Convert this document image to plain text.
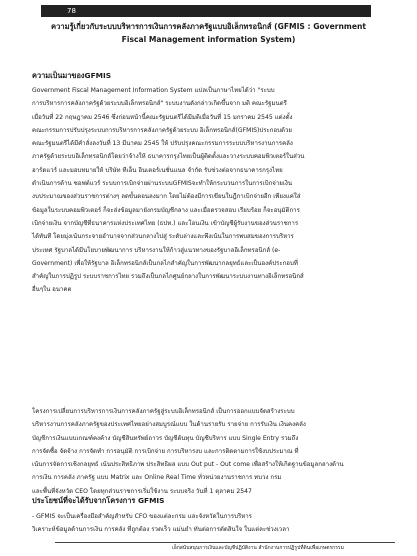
78
ความรู้เกี่ยวกับระบบบริหารการเงินการคลังภาครัฐแบบอิเล็กทรอนิกส์ (GFMIS : Government
Fiscal Management information System)
ความเป็นมาของGFMIS

Government Fiscal Management Information System แปลเป็นภาษาไทยได้ว่า "ระบบ
การบริหารการคลังภาครัฐด้วยระบบอิเล็กทรอนิกส์" ระบบงานดังกล่าวเกิดขึ้นจาก มติ คณะรัฐมนตรี
เมื่อวันที่ 22 กฤษฎาคม 2546 ซึ่งก่อนหน้านี้คณะรัฐมนตรีได้มีมติเมื่อวันที่ 15 มกราคม 2545 แต่งตั้ง
คณะกรรมการปรับปรุงระบบการบริหารการคลังภาครัฐด้วยระบบ อิเล็กทรอนิกส์(GFMIS)ประกอบด้วย
คณะรัฐมนตรีได้มีคำสั่งลงวันที่ 13 มีนาคม 2545 ให้ ปรับปรุงคณะกรรมการระบบบริหารงานการคลัง
ภาครัฐด้วยระบบอิเล็กทรอนิกส์โดยว่าจ้างให้ ธนาคารกรุงไทยเป็นผู้ติดตั้งและวางระบบคอมพิวเตอร์ในส่วน
ฮาร์ดแวร์ และมอบหมายให้ บริษัท ทีเอ็น อินเตอร์เนชั่นแนล จำกัด รับช่วงต่อจากธนาคารกรุงไทย
ดำเนินการด้าน ซอฟต์แวร์ ระบบการเบิกจ่ายผ่านระบบGFMISจะทำให้กระบวนการในการเบิกจ่ายเงิน
งบประมาณของส่วนราชการต่างๆ ลดขั้นตอนลงมาก โดยไม่ต้องมีการเขียนใบฎีกาเบิกจ่ายอีก เพียงแค่ใส่
ข้อมูลในระบบคอมพิวเตอร์ ก็จะส่งข้อมูลมายังกรมบัญชีกลาง และเมื่อตรวจสอบ เรียบร้อย ก็จะอนุมัติการ
เบิกจ่ายเงิน จากบัญชีที่ธนาคารแห่งประเทศไทย (ธปท.) และโอนเงิน เข้าบัญชีผู้รับงานของส่วนราชการ
ได้ทันที โดยมุ่งเน้นกระจายอำนาจจากส่วนกลางไปสู่ ระดับล่างและพึงเน้นในการพบสมของการบริหาร
ประเทศ รัฐบาลได้มีนโยบายพัฒนาการ บริหารงานให้ก้าวสู่แนวทางของรัฐบาลอิเล็กทรอนิกส์ (e-
Government) เพื่อให้รัฐบาล อิเล็กทรอนิกส์เป็นกลไกสำคัญในการพัฒนากลยุทธ์และเป็นองค์ประกอบที่
สำคัญในการปฏิรูป ระบบราชการไทย รวมถึงเป็นกลไกศูนย์กลางในการพัฒนาระบบงานทางอิเล็กทรอนิกส์
อื่นๆใน อนาคต

โครงการเปลี่ยนการบริหารการเงินการคลังภาครัฐสู่ระบบอิเล็กทรอนิกส์ เป็นการออกแบบจัดสร้างระบบ
บริหารงานการคลังภาครัฐของประเทศไทยอย่างสมบูรณ์แบบ ในด้านรายรับ รายจ่าย การรับเงิน เงินคงคลัง
บัญชีการเงินแบบเกณฑ์คงค้าง บัญชีสินทรัพย์ถาวร บัญชีต้นทุน บัญชีบริหาร แบบ Single Entry รวมถึง
การจัดซื้อ จัดจ้าง การจัดทำ การอนุมัติ การเบิกจ่าย การบริหารงบ และการติดตามการใช้งบประมาณ ที่
เน้นการจัดการเชิงกลยุทธ์ เน้นประสิทธิภาพ ประสิทธิผล แบบ Out put - Out come เพื่อสร้างให้เกิดฐานข้อมูลกลางด้าน
การเงิน การคลัง ภาครัฐ แบบ Matrix และ Online Real Time ทั่วหน่วยงานราชการ ทบวง กรม
และพื้นที่จังหวัด CEO โดยทุกส่วนราชการเริ่มใช้งาน ระบบจริง วันที่ 1 ตุลาคม 2547

ประโยชน์ที่จะได้รับจากโครงการ GFMIS

- GFMIS จะเป็นเครื่องมือสำคัญสำหรับ CFO ของแต่ละกรม และจังหวัดในการบริหาร
วิเคราะห์ข้อมูลด้านการเงิน การคลัง ที่ถูกต้อง รวดเร็ว แม่นยำ ทันต่อการตัดสินใจ ในแต่ละช่วงเวลา

เอ็กสนับสนุนการเงินและบัญชีปฏิบัติงาน สำนักงานการปฏิรูปที่ดินเพื่อเกษตรกรรม
